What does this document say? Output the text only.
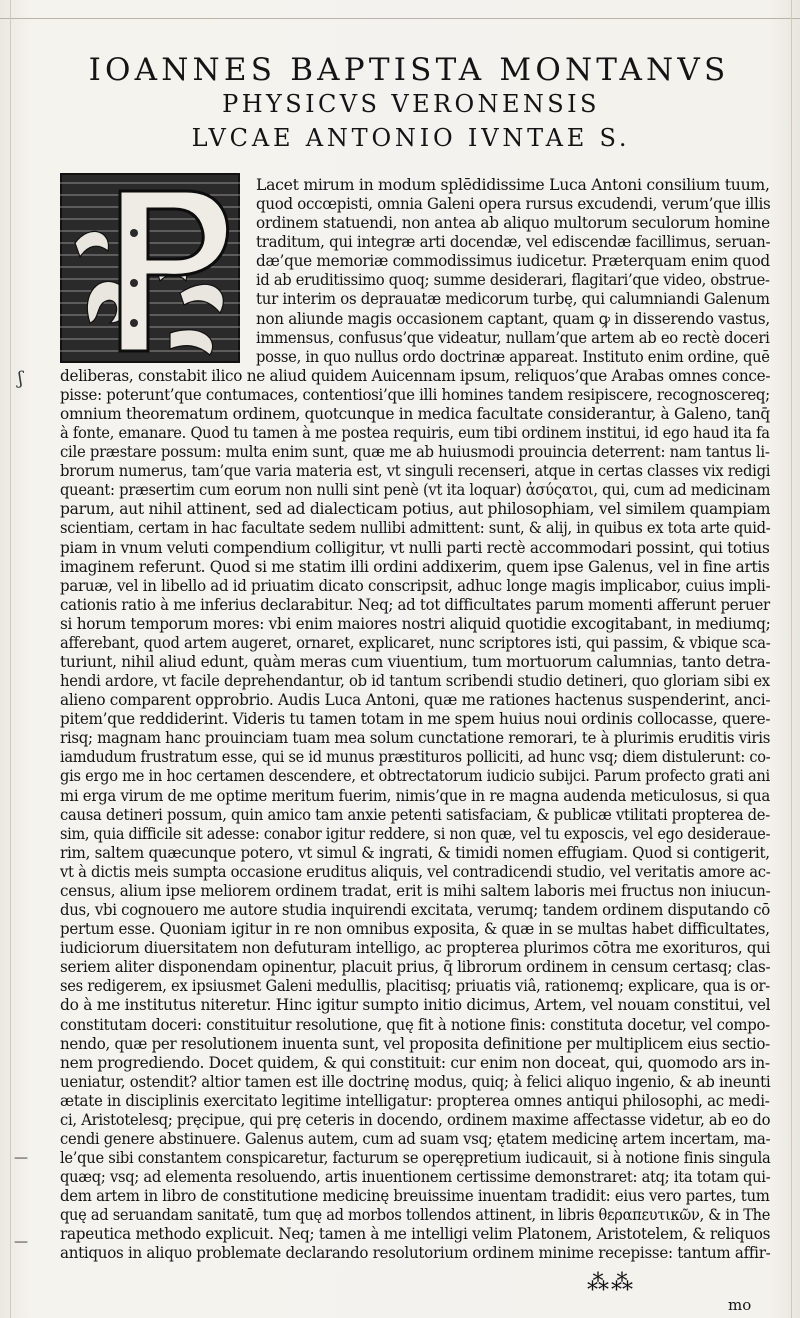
IOANNES BAPTISTA MONTANVS
PHYSICVS VERONENSIS
LVCAE ANTONIO IVNTAE S.
Lacet mirum in modum splēdidissime Luca Antoni consilium tuum,
quod occœpisti, omnia Galeni opera rursus excudendi, verum’que illis
ordinem statuendi, non antea ab aliquo multorum seculorum homine
traditum, qui integræ arti docendæ, vel ediscendæ facillimus, seruan-
dæ’que memoriæ commodissimus iudicetur. Præterquam enim quod
id ab eruditissimo quoq; summe desiderari, flagitari’que video, obstrue-
tur interim os deprauatæ medicorum turbę, qui calumniandi Galenum
non aliunde magis occasionem captant, quam ꝙ in disserendo vastus,
immensus, confusus’que videatur, nullam’que artem ab eo rectè doceri
posse, in quo nullus ordo doctrinæ appareat. Instituto enim ordine, quē
deliberas, constabit ilico ne aliud quidem Auicennam ipsum, reliquos’que Arabas omnes conce-
pisse: poterunt’que contumaces, contentiosi’que illi homines tandem resipiscere, recognoscereq;
omnium theorematum ordinem, quotcunque in medica facultate considerantur, à Galeno, tanq̄
à fonte, emanare. Quod tu tamen à me postea requiris, eum tibi ordinem institui, id ego haud ita fa
cile præstare possum: multa enim sunt, quæ me ab huiusmodi prouincia deterrent: nam tantus li-
brorum numerus, tam’que varia materia est, vt singuli recenseri, atque in certas classes vix redigi
queant: præsertim cum eorum non nulli sint penè (vt ita loquar) ἀσύςατοι, qui, cum ad medicinam
parum, aut nihil attinent, sed ad dialecticam potius, aut philosophiam, vel similem quampiam
scientiam, certam in hac facultate sedem nullibi admittent: sunt, & alij, in quibus ex tota arte quid-
piam in vnum veluti compendium colligitur, vt nulli parti rectè accommodari possint, qui totius
imaginem referunt. Quod si me statim illi ordini addixerim, quem ipse Galenus, vel in fine artis
paruæ, vel in libello ad id priuatim dicato conscripsit, adhuc longe magis implicabor, cuius impli-
cationis ratio à me inferius declarabitur. Neq; ad tot difficultates parum momenti afferunt peruer
si horum temporum mores: vbi enim maiores nostri aliquid quotidie excogitabant, in mediumq;
afferebant, quod artem augeret, ornaret, explicaret, nunc scriptores isti, qui passim, & vbique sca-
turiunt, nihil aliud edunt, quàm meras cum viuentium, tum mortuorum calumnias, tanto detra-
hendi ardore, vt facile deprehendantur, ob id tantum scribendi studio detineri, quo gloriam sibi ex
alieno comparent opprobrio. Audis Luca Antoni, quæ me rationes hactenus suspenderint, anci-
pitem’que reddiderint. Videris tu tamen totam in me spem huius noui ordinis collocasse, quere-
risq; magnam hanc prouinciam tuam mea solum cunctatione remorari, te à plurimis eruditis viris
iamdudum frustratum esse, qui se id munus præstituros polliciti, ad hunc vsq; diem distulerunt: co-
gis ergo me in hoc certamen descendere, et obtrectatorum iudicio subijci. Parum profecto grati ani
mi erga virum de me optime meritum fuerim, nimis’que in re magna audenda meticulosus, si qua
causa detineri possum, quin amico tam anxie petenti satisfaciam, & publicæ vtilitati propterea de-
sim, quia difficile sit adesse: conabor igitur reddere, si non quæ, vel tu exposcis, vel ego desideraue-
rim, saltem quæcunque potero, vt simul & ingrati, & timidi nomen effugiam. Quod si contigerit,
vt à dictis meis sumpta occasione eruditus aliquis, vel contradicendi studio, vel veritatis amore ac-
census, alium ipse meliorem ordinem tradat, erit is mihi saltem laboris mei fructus non iniucun-
dus, vbi cognouero me autore studia inquirendi excitata, verumq; tandem ordinem disputando cō
pertum esse. Quoniam igitur in re non omnibus exposita, & quæ in se multas habet difficultates,
iudiciorum diuersitatem non defuturam intelligo, ac propterea plurimos cōtra me exorituros, qui
seriem aliter disponendam opinentur, placuit prius, q̄ librorum ordinem in censum certasq; clas-
ses redigerem, ex ipsiusmet Galeni medullis, placitisq; priuatis viâ, rationemq; explicare, qua is or-
do à me institutus niteretur. Hinc igitur sumpto initio dicimus, Artem, vel nouam constitui, vel
constitutam doceri: constituitur resolutione, quę fit à notione finis: constituta docetur, vel compo-
nendo, quæ per resolutionem inuenta sunt, vel proposita definitione per multiplicem eius sectio-
nem progrediendo. Docet quidem, & qui constituit: cur enim non doceat, qui, quomodo ars in-
ueniatur, ostendit? altior tamen est ille doctrinę modus, quiq; à felici aliquo ingenio, & ab ineunti
ætate in disciplinis exercitato legitime intelligatur: propterea omnes antiqui philosophi, ac medi-
ci, Aristotelesq; pręcipue, qui prę ceteris in docendo, ordinem maxime affectasse videtur, ab eo do
cendi genere abstinuere. Galenus autem, cum ad suam vsq; ętatem medicinę artem incertam, ma-
le’que sibi constantem conspicaretur, facturum se operępretium iudicauit, si à notione finis singula
quæq; vsq; ad elementa resoluendo, artis inuentionem certissime demonstraret: atq; ita totam qui-
dem artem in libro de constitutione medicinę breuissime inuentam tradidit: eius vero partes, tum
quę ad seruandam sanitatē, tum quę ad morbos tollendos attinent, in libris θεραπευτικῶν, & in The
rapeutica methodo explicuit. Neq; tamen à me intelligi velim Platonem, Aristotelem, & reliquos
antiquos in aliquo problemate declarando resolutorium ordinem minime recepisse: tantum affir-
ʃ
—
—
⁂⁂
mo
